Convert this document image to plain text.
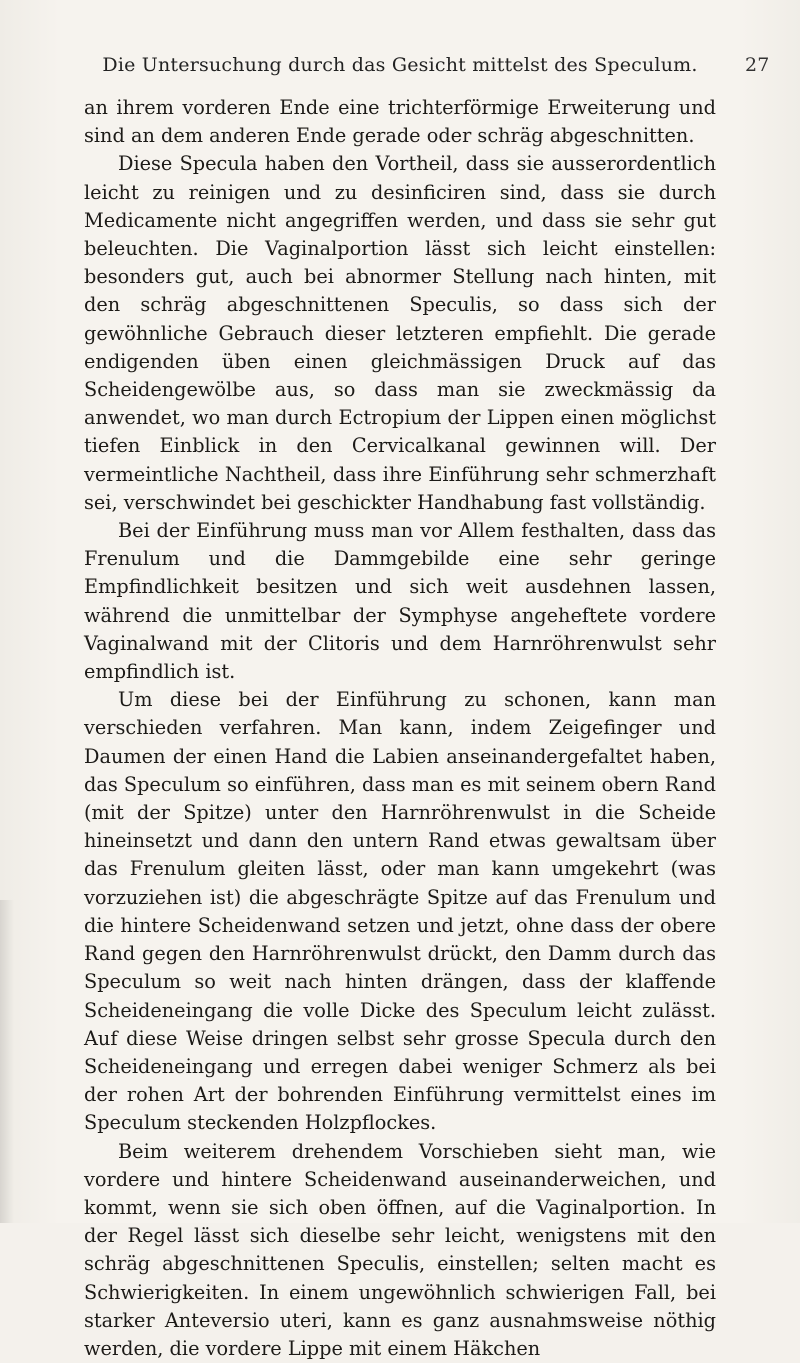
Die Untersuchung durch das Gesicht mittelst des Speculum. 27

an ihrem vorderen Ende eine trichterförmige Erweiterung und sind an dem anderen Ende gerade oder schräg abgeschnitten.

Diese Specula haben den Vortheil, dass sie ausserordentlich leicht zu reinigen und zu desinficiren sind, dass sie durch Medicamente nicht angegriffen werden, und dass sie sehr gut beleuchten. Die Vaginalportion lässt sich leicht einstellen: besonders gut, auch bei abnormer Stellung nach hinten, mit den schräg abgeschnittenen Speculis, so dass sich der gewöhnliche Gebrauch dieser letzteren empfiehlt. Die gerade endigenden üben einen gleichmässigen Druck auf das Scheidengewölbe aus, so dass man sie zweckmässig da anwendet, wo man durch Ectropium der Lippen einen möglichst tiefen Einblick in den Cervicalkanal gewinnen will. Der vermeintliche Nachtheil, dass ihre Einführung sehr schmerzhaft sei, verschwindet bei geschickter Handhabung fast vollständig.

Bei der Einführung muss man vor Allem festhalten, dass das Frenulum und die Dammgebilde eine sehr geringe Empfindlichkeit besitzen und sich weit ausdehnen lassen, während die unmittelbar der Symphyse angeheftete vordere Vaginalwand mit der Clitoris und dem Harnröhrenwulst sehr empfindlich ist.

Um diese bei der Einführung zu schonen, kann man verschieden verfahren. Man kann, indem Zeigefinger und Daumen der einen Hand die Labien anseinandergefaltet haben, das Speculum so einführen, dass man es mit seinem obern Rand (mit der Spitze) unter den Harnröhrenwulst in die Scheide hineinsetzt und dann den untern Rand etwas gewaltsam über das Frenulum gleiten lässt, oder man kann umgekehrt (was vorzuziehen ist) die abgeschrägte Spitze auf das Frenulum und die hintere Scheidenwand setzen und jetzt, ohne dass der obere Rand gegen den Harnröhrenwulst drückt, den Damm durch das Speculum so weit nach hinten drängen, dass der klaffende Scheideneingang die volle Dicke des Speculum leicht zulässt. Auf diese Weise dringen selbst sehr grosse Specula durch den Scheideneingang und erregen dabei weniger Schmerz als bei der rohen Art der bohrenden Einführung vermittelst eines im Speculum steckenden Holzpflockes.

Beim weiterem drehendem Vorschieben sieht man, wie vordere und hintere Scheidenwand auseinanderweichen, und kommt, wenn sie sich oben öffnen, auf die Vaginalportion. In der Regel lässt sich dieselbe sehr leicht, wenigstens mit den schräg abgeschnittenen Speculis, einstellen; selten macht es Schwierigkeiten. In einem ungewöhnlich schwierigen Fall, bei starker Anteversio uteri, kann es ganz ausnahmsweise nöthig werden, die vordere Lippe mit einem Häkchen
